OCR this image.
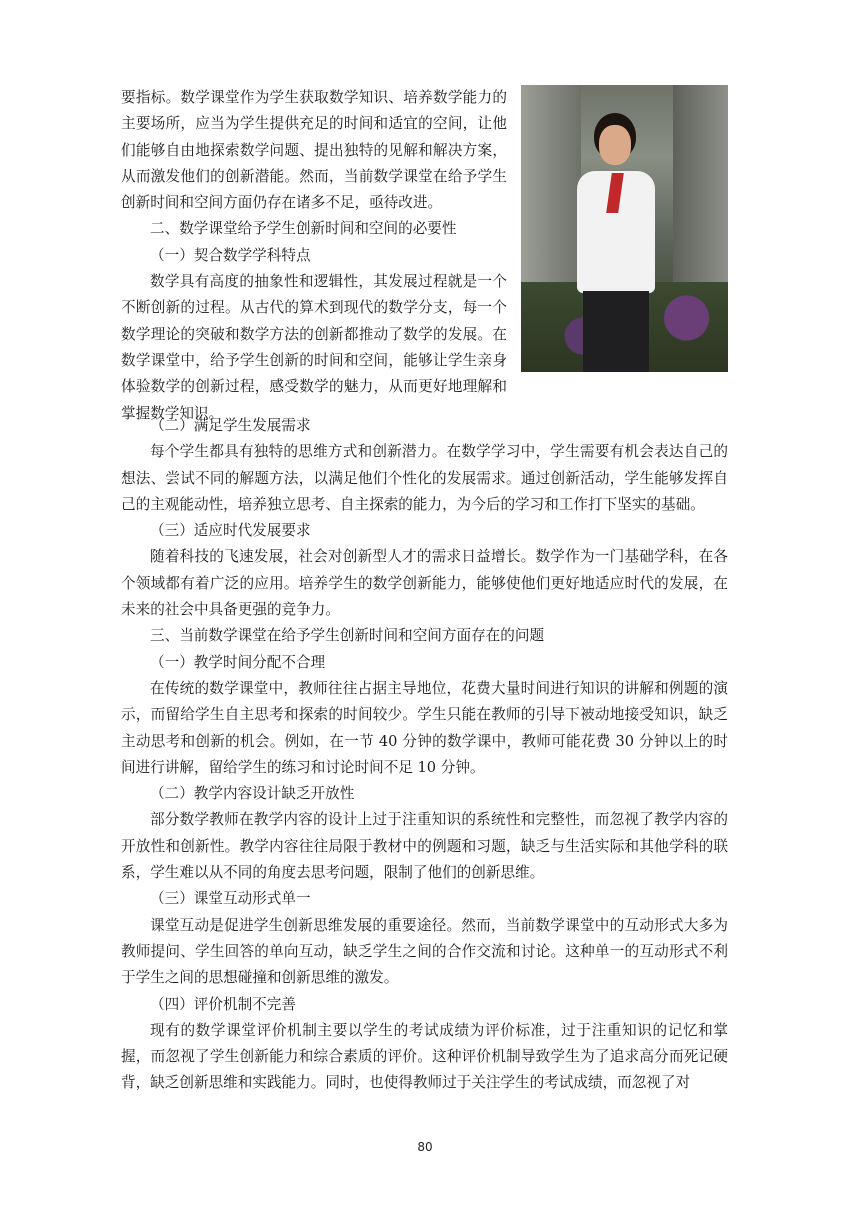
要指标。数学课堂作为学生获取数学知识、培养数学能力的主要场所，应当为学生提供充足的时间和适宜的空间，让他们能够自由地探索数学问题、提出独特的见解和解决方案，从而激发他们的创新潜能。然而，当前数学课堂在给予学生创新时间和空间方面仍存在诸多不足，亟待改进。

二、数学课堂给予学生创新时间和空间的必要性

（一）契合数学学科特点

数学具有高度的抽象性和逻辑性，其发展过程就是一个不断创新的过程。从古代的算术到现代的数学分支，每一个数学理论的突破和数学方法的创新都推动了数学的发展。在数学课堂中，给予学生创新的时间和空间，能够让学生亲身体验数学的创新过程，感受数学的魅力，从而更好地理解和掌握数学知识。

（二）满足学生发展需求

每个学生都具有独特的思维方式和创新潜力。在数学学习中，学生需要有机会表达自己的想法、尝试不同的解题方法，以满足他们个性化的发展需求。通过创新活动，学生能够发挥自己的主观能动性，培养独立思考、自主探索的能力，为今后的学习和工作打下坚实的基础。

（三）适应时代发展要求

随着科技的飞速发展，社会对创新型人才的需求日益增长。数学作为一门基础学科，在各个领域都有着广泛的应用。培养学生的数学创新能力，能够使他们更好地适应时代的发展，在未来的社会中具备更强的竞争力。

三、当前数学课堂在给予学生创新时间和空间方面存在的问题

（一）教学时间分配不合理

在传统的数学课堂中，教师往往占据主导地位，花费大量时间进行知识的讲解和例题的演示，而留给学生自主思考和探索的时间较少。学生只能在教师的引导下被动地接受知识，缺乏主动思考和创新的机会。例如，在一节 40 分钟的数学课中，教师可能花费 30 分钟以上的时间进行讲解，留给学生的练习和讨论时间不足 10 分钟。

（二）教学内容设计缺乏开放性

部分数学教师在教学内容的设计上过于注重知识的系统性和完整性，而忽视了教学内容的开放性和创新性。教学内容往往局限于教材中的例题和习题，缺乏与生活实际和其他学科的联系，学生难以从不同的角度去思考问题，限制了他们的创新思维。

（三）课堂互动形式单一

课堂互动是促进学生创新思维发展的重要途径。然而，当前数学课堂中的互动形式大多为教师提问、学生回答的单向互动，缺乏学生之间的合作交流和讨论。这种单一的互动形式不利于学生之间的思想碰撞和创新思维的激发。

（四）评价机制不完善

现有的数学课堂评价机制主要以学生的考试成绩为评价标准，过于注重知识的记忆和掌握，而忽视了学生创新能力和综合素质的评价。这种评价机制导致学生为了追求高分而死记硬背，缺乏创新思维和实践能力。同时，也使得教师过于关注学生的考试成绩，而忽视了对

80
